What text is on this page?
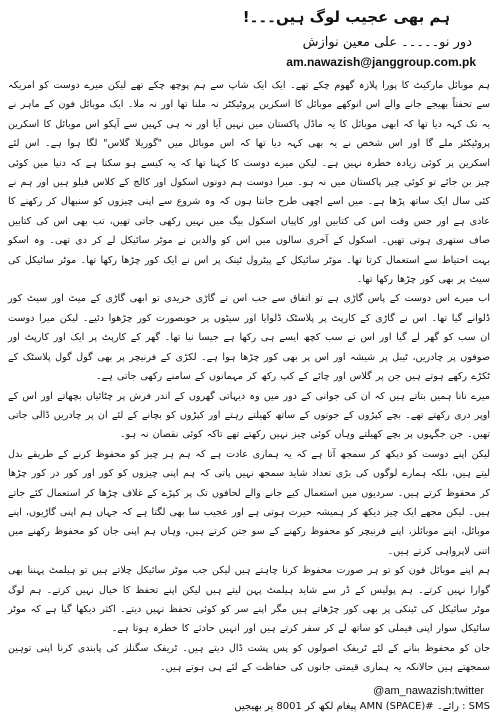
ہم بھی عجیب لوگ ہیں۔۔۔!
دور نو۔۔۔۔۔ علی معین نوازش
am.nawazish@janggroup.com.pk

ہم موبائل مارکیٹ کا پورا پلازہ گھوم چکے تھے۔ ایک ایک شاپ سے ہم پوچھ چکے تھے لیکن میرے دوست کو امریکہ سے تحفتاً بھیجے جانے والے اس انوکھے موبائل کا اسکرین پروٹیکٹر نہ ملنا تھا اور نہ ملا۔ ایک موبائل فون کے ماہر نے یہ تک کہہ دیا تھا کہ ابھی موبائل کا یہ ماڈل پاکستان میں نہیں آیا اور نہ ہی کہیں سے آپکو اس موبائل کا اسکرین پروٹیکٹر ملے گا اور اس شخص نے یہ بھی کہہ دیا تھا کہ اس موبائل میں "گوریلا گلاس" لگا ہوا ہے۔ اس لئے اسکرین پر کوئی زیادہ خطرہ نہیں ہے۔ لیکن میرے دوست کا کہنا تھا کہ یہ کیسے ہو سکتا ہے کہ دنیا میں کوئی چیز بن جائے تو کوئی چیز پاکستان میں نہ ہو۔ میرا دوست ہم دونوں اسکول اور کالج کے کلاس فیلو ہیں اور ہم نے کئی سال ایک ساتھ پڑھا ہے۔ میں اسے اچھی طرح جانتا ہوں کہ وہ شروع سے اپنی چیزوں کو سنبھال کر رکھنے کا عادی ہے اور جس وقت اس کی کتابیں اور کاپیاں اسکول بیگ میں نہیں رکھی جاتی تھیں، تب بھی اس کی کتابیں صاف ستھری ہوتی تھیں۔ اسکول کے آخری سالوں میں اس کو والدین نے موٹر سائیکل لے کر دی تھی۔ وہ اسکو بہت احتیاط سے استعمال کرتا تھا۔ موٹر سائیکل کے پیٹرول ٹینک پر اس نے ایک کور چڑھا رکھا تھا۔ موٹر سائیکل کی سیٹ پر بھی کور چڑھا رکھا تھا۔

اب میرے اس دوست کے پاس گاڑی ہے تو اتفاق سے جب اس نے گاڑی خریدی تو ابھی گاڑی کے میٹ اور سیٹ کور ڈلوانے گیا تھا۔ اس نے گاڑی کے کارپٹ پر پلاسٹک ڈلوایا اور سیٹوں پر خوبصورت کور چڑھوا دئیے۔ لیکن میرا دوست ان سب کو گھر لے گیا اور اس نے سب کچھ ایسے ہی رکھا ہے جیسا نیا تھا۔ گھر کے کارپٹ پر ایک اور کارپٹ اور صوفوں پر چادریں، ٹیبل پر شیشہ اور اس پر بھی کور چڑھا ہوا ہے۔ لکڑی کے فرنیچر پر بھی گول گول پلاسٹک کے ٹکڑے رکھے ہوتے ہیں جن پر گلاس اور چائے کے کپ رکھ کر مہمانوں کے سامنے رکھی جاتی ہے۔

میرے نانا ہمیں بتاتے ہیں کہ ان کی جوانی کے دور میں وہ دیہاتی گھروں کے اندر فرش پر چٹائیاں بچھاتے اور اس کے اوپر دری رکھتے تھے۔ بچے کپڑوں کے جوتوں کے ساتھ کھیلتے رہتے اور کپڑوں کو بچانے کے لئے ان پر چادریں ڈالی جاتی تھیں۔ جن جگہوں پر بچے کھیلتے وہاں کوئی چیز نہیں رکھتے تھے تاکہ کوئی نقصان نہ ہو۔

لیکن اپنے دوست کو دیکھ کر سمجھ آتا ہے کہ یہ ہماری عادت ہے کہ ہم ہر چیز کو محفوظ کرنے کے طریقے بدل لیتے ہیں، بلکہ ہمارے لوگوں کی بڑی تعداد شاید سمجھ نہیں پاتی کہ ہم اپنی چیزوں کو کور اور کور در کور چڑھا کر محفوظ کرتے ہیں۔ سردیوں میں استعمال کیے جانے والے لحافوں تک پر کپڑے کے غلاف چڑھا کر استعمال کئے جاتے ہیں۔ لیکن مجھے ایک چیز دیکھ کر ہمیشہ حیرت ہوتی ہے اور عجیب سا بھی لگتا ہے کہ جہاں ہم اپنی گاڑیوں، اپنے موبائل، اپنے موبائلز، اپنے فرنیچر کو محفوظ رکھنے کے سو جتن کرتے ہیں، وہاں ہم اپنی جان کو محفوظ رکھنے میں اتنی لاپرواہی کرتے ہیں۔

ہم اپنے موبائل فون کو تو ہر صورت محفوظ کرنا چاہتے ہیں لیکن جب موٹر سائیکل چلاتے ہیں تو ہیلمٹ پہننا بھی گوارا نہیں کرتے۔ ہم پولیس کے ڈر سے شاید ہیلمٹ پہن لیتے ہیں لیکن اپنے تحفظ کا خیال نہیں کرتے۔ ہم لوگ موٹر سائیکل کی ٹینکی پر بھی کور چڑھاتے ہیں مگر اپنے سر کو کوئی تحفظ نہیں دیتے۔ اکثر دیکھا گیا ہے کہ موٹر سائیکل سوار اپنی فیملی کو ساتھ لے کر سفر کرتے ہیں اور انہیں حادثے کا خطرہ ہوتا ہے۔

جان کو محفوظ بنانے کے لئے ٹریفک اصولوں کو پس پشت ڈال دیتے ہیں۔ ٹریفک سگنلز کی پابندی کرنا اپنی توہین سمجھتے ہیں حالانکہ یہ ہماری قیمتی جانوں کی حفاظت کے لئے ہی ہوتے ہیں۔

@am_nawazish:twitter
SMS : رائے۔ #AMN (SPACE) پیغام لکھ کر 8001 پر بھیجیں
